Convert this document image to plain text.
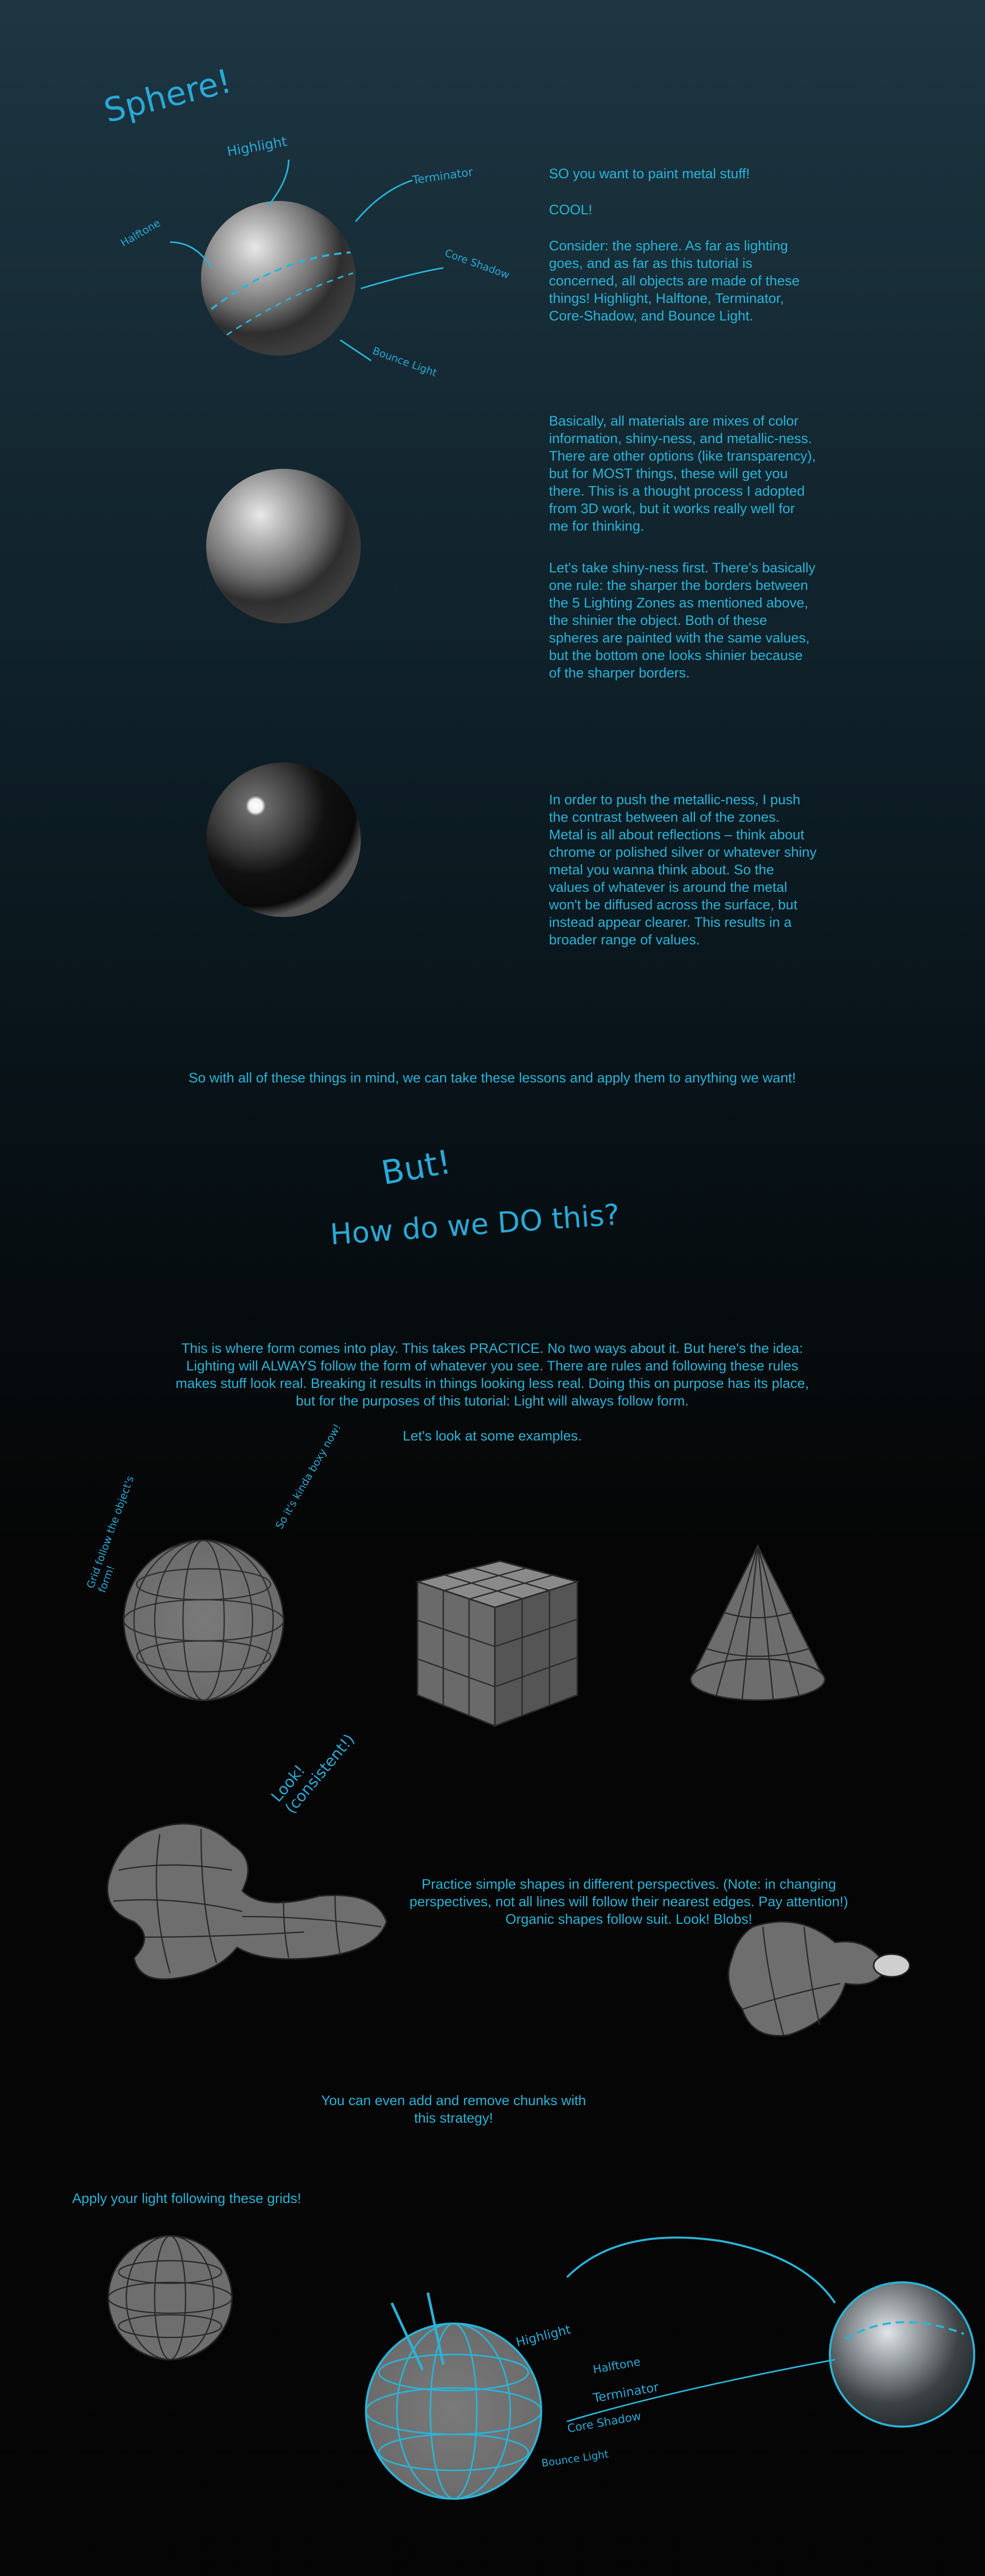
Sphere!
Highlight
Terminator
Halftone
Core Shadow
Bounce Light
SO you want to paint metal stuff!
COOL!
Consider: the sphere. As far as lighting goes, and as far as this tutorial is concerned, all objects are made of these things! Highlight, Halftone, Terminator, Core-Shadow, and Bounce Light.
Basically, all materials are mixes of color information, shiny-ness, and metallic-ness. There are other options (like transparency), but for MOST things, these will get you there. This is a thought process I adopted from 3D work, but it works really well for me for thinking.
Let's take shiny-ness first. There's basically one rule: the sharper the borders between the 5 Lighting Zones as mentioned above, the shinier the object. Both of these spheres are painted with the same values, but the bottom one looks shinier because of the sharper borders.
In order to push the metallic-ness, I push the contrast between all of the zones. Metal is all about reflections – think about chrome or polished silver or whatever shiny metal you wanna think about. So the values of whatever is around the metal won't be diffused across the surface, but instead appear clearer. This results in a broader range of values.
So with all of these things in mind, we can take these lessons and apply them to anything we want!
But!
How do we DO this?
This is where form comes into play. This takes PRACTICE. No two ways about it. But here's the idea: Lighting will ALWAYS follow the form of whatever you see. There are rules and following these rules makes stuff look real. Breaking it results in things looking less real. Doing this on purpose has its place, but for the purposes of this tutorial: Light will always follow form.
Let's look at some examples.
Grid follow the object's form!
So it's kinda boxy now!
Look! (consistent!)
Practice simple shapes in different perspectives. (Note: in changing perspectives, not all lines will follow their nearest edges. Pay attention!) Organic shapes follow suit. Look! Blobs!
You can even add and remove chunks with this strategy!
Apply your light following these grids!
Highlight
Halftone
Terminator
Core Shadow
Bounce Light
